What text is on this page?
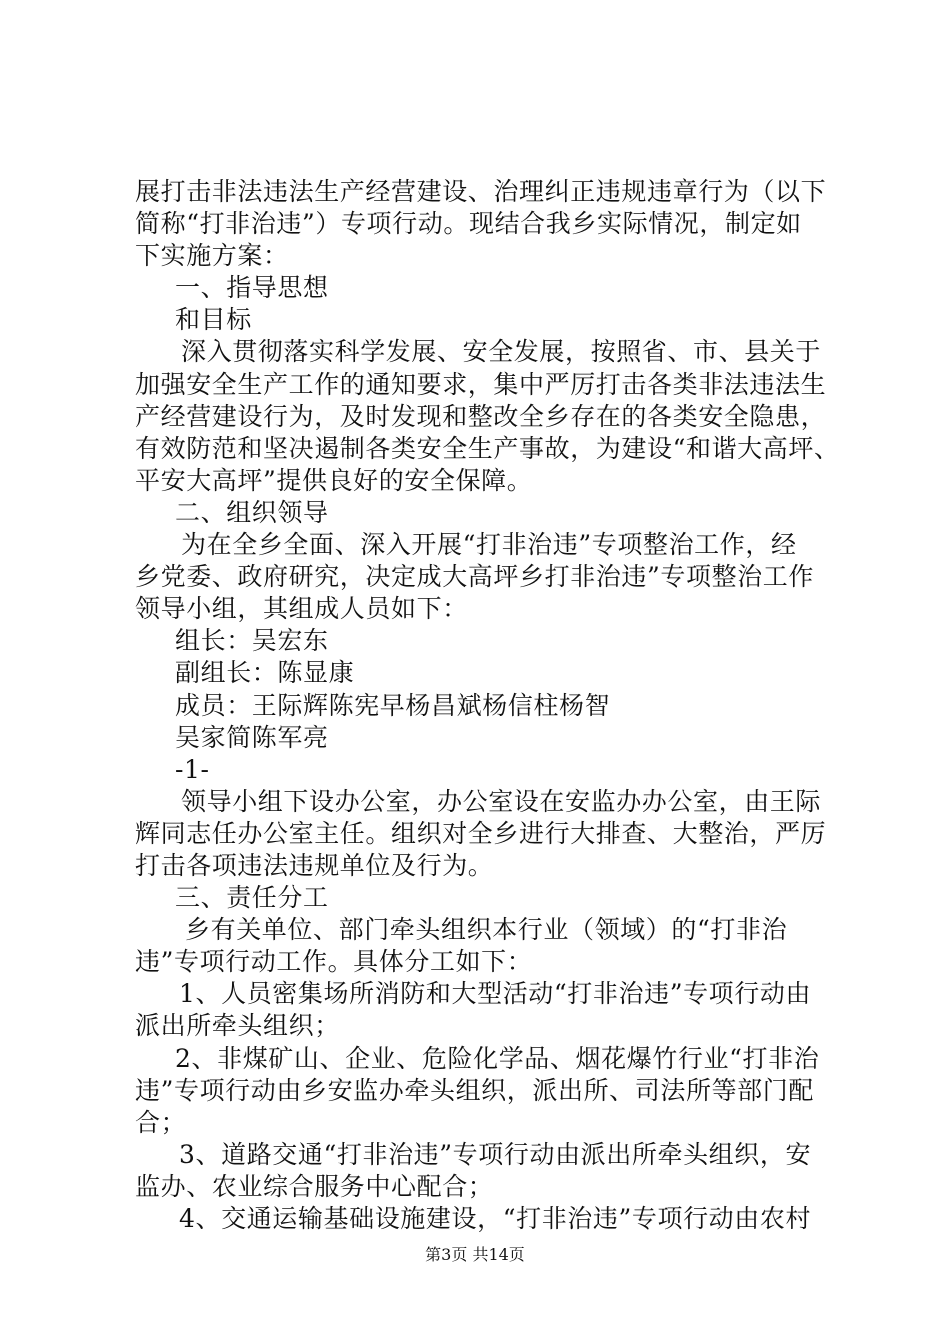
展打击非法违法生产经营建设、治理纠正违规违章行为（以下
简称“打非治违”）专项行动。现结合我乡实际情况，制定如
下实施方案：
一、指导思想
和目标
深入贯彻落实科学发展、安全发展，按照省、市、县关于
加强安全生产工作的通知要求，集中严厉打击各类非法违法生
产经营建设行为，及时发现和整改全乡存在的各类安全隐患，
有效防范和坚决遏制各类安全生产事故，为建设“和谐大高坪、
平安大高坪”提供良好的安全保障。
二、组织领导
为在全乡全面、深入开展“打非治违”专项整治工作，经
乡党委、政府研究，决定成大高坪乡打非治违”专项整治工作
领导小组，其组成人员如下：
组长：吴宏东
副组长：陈显康
成员：王际辉陈宪早杨昌斌杨信柱杨智
吴家简陈军亮
-1-
领导小组下设办公室，办公室设在安监办办公室，由王际
辉同志任办公室主任。组织对全乡进行大排查、大整治，严厉
打击各项违法违规单位及行为。
三、责任分工
乡有关单位、部门牵头组织本行业（领域）的“打非治
违”专项行动工作。具体分工如下：
1、人员密集场所消防和大型活动“打非治违”专项行动由
派出所牵头组织；
2、非煤矿山、企业、危险化学品、烟花爆竹行业“打非治
违”专项行动由乡安监办牵头组织，派出所、司法所等部门配
合；
3、道路交通“打非治违”专项行动由派出所牵头组织，安
监办、农业综合服务中心配合；
4、交通运输基础设施建设，“打非治违”专项行动由农村
第3页 共14页
